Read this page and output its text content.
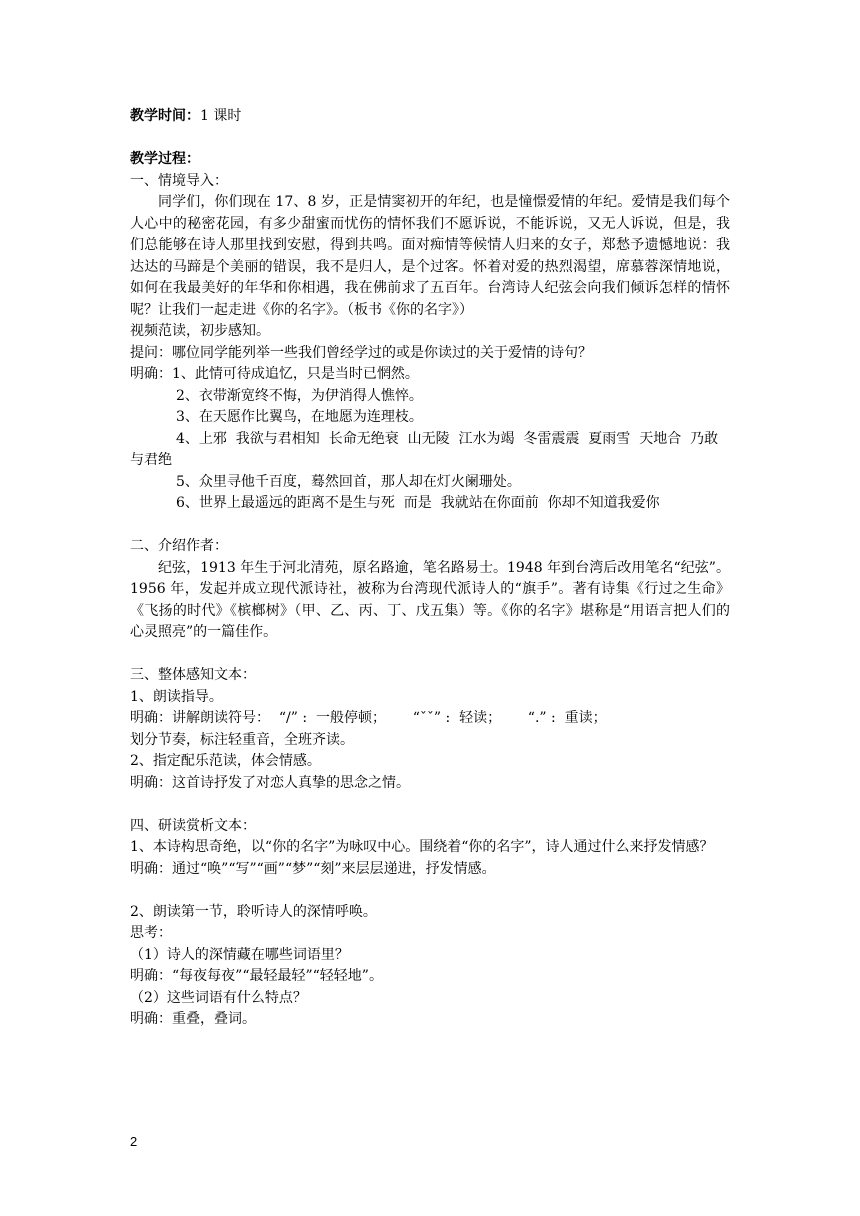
教学时间：1 课时

教学过程：

一、情境导入：

同学们，你们现在 17、8 岁，正是情窦初开的年纪，也是憧憬爱情的年纪。爱情是我们每个人心中的秘密花园，有多少甜蜜而忧伤的情怀我们不愿诉说，不能诉说，又无人诉说，但是，我们总能够在诗人那里找到安慰，得到共鸣。面对痴情等候情人归来的女子，郑愁予遗憾地说：我达达的马蹄是个美丽的错误，我不是归人，是个过客。怀着对爱的热烈渴望，席慕蓉深情地说，如何在我最美好的年华和你相遇，我在佛前求了五百年。台湾诗人纪弦会向我们倾诉怎样的情怀呢？让我们一起走进《你的名字》。（板书《你的名字》）

视频范读，初步感知。

提问：哪位同学能列举一些我们曾经学过的或是你读过的关于爱情的诗句？

明确：1、此情可待成追忆，只是当时已惘然。

2、衣带渐宽终不悔，为伊消得人憔悴。

3、在天愿作比翼鸟，在地愿为连理枝。

4、上邪  我欲与君相知  长命无绝衰  山无陵  江水为竭  冬雷震震  夏雨雪  天地合  乃敢与君绝

5、众里寻他千百度，蓦然回首，那人却在灯火阑珊处。

6、世界上最遥远的距离不是生与死  而是  我就站在你面前  你却不知道我爱你

二、介绍作者：

纪弦，1913 年生于河北清苑，原名路逾，笔名路易士。1948 年到台湾后改用笔名“纪弦”。1956 年，发起并成立现代派诗社，被称为台湾现代派诗人的“旗手”。著有诗集《行过之生命》《飞扬的时代》《槟榔树》（甲、乙、丙、丁、戊五集）等。《你的名字》堪称是“用语言把人们的心灵照亮”的一篇佳作。

三、整体感知文本：

1、朗读指导。

明确：讲解朗读符号：  “/” :  一般停顿；      “ˇˇ” :  轻读；      “.” :  重读；

划分节奏，标注轻重音，全班齐读。

2、指定配乐范读，体会情感。

明确：这首诗抒发了对恋人真挚的思念之情。

四、研读赏析文本：

1、本诗构思奇绝，以“你的名字”为咏叹中心。围绕着“你的名字”，诗人通过什么来抒发情感？

明确：通过“唤”“写”“画”“梦”“刻”来层层递进，抒发情感。

2、朗读第一节，聆听诗人的深情呼唤。

思考：

（1）诗人的深情藏在哪些词语里？

明确：“每夜每夜”“最轻最轻”“轻轻地”。

（2）这些词语有什么特点？

明确：重叠，叠词。

2
